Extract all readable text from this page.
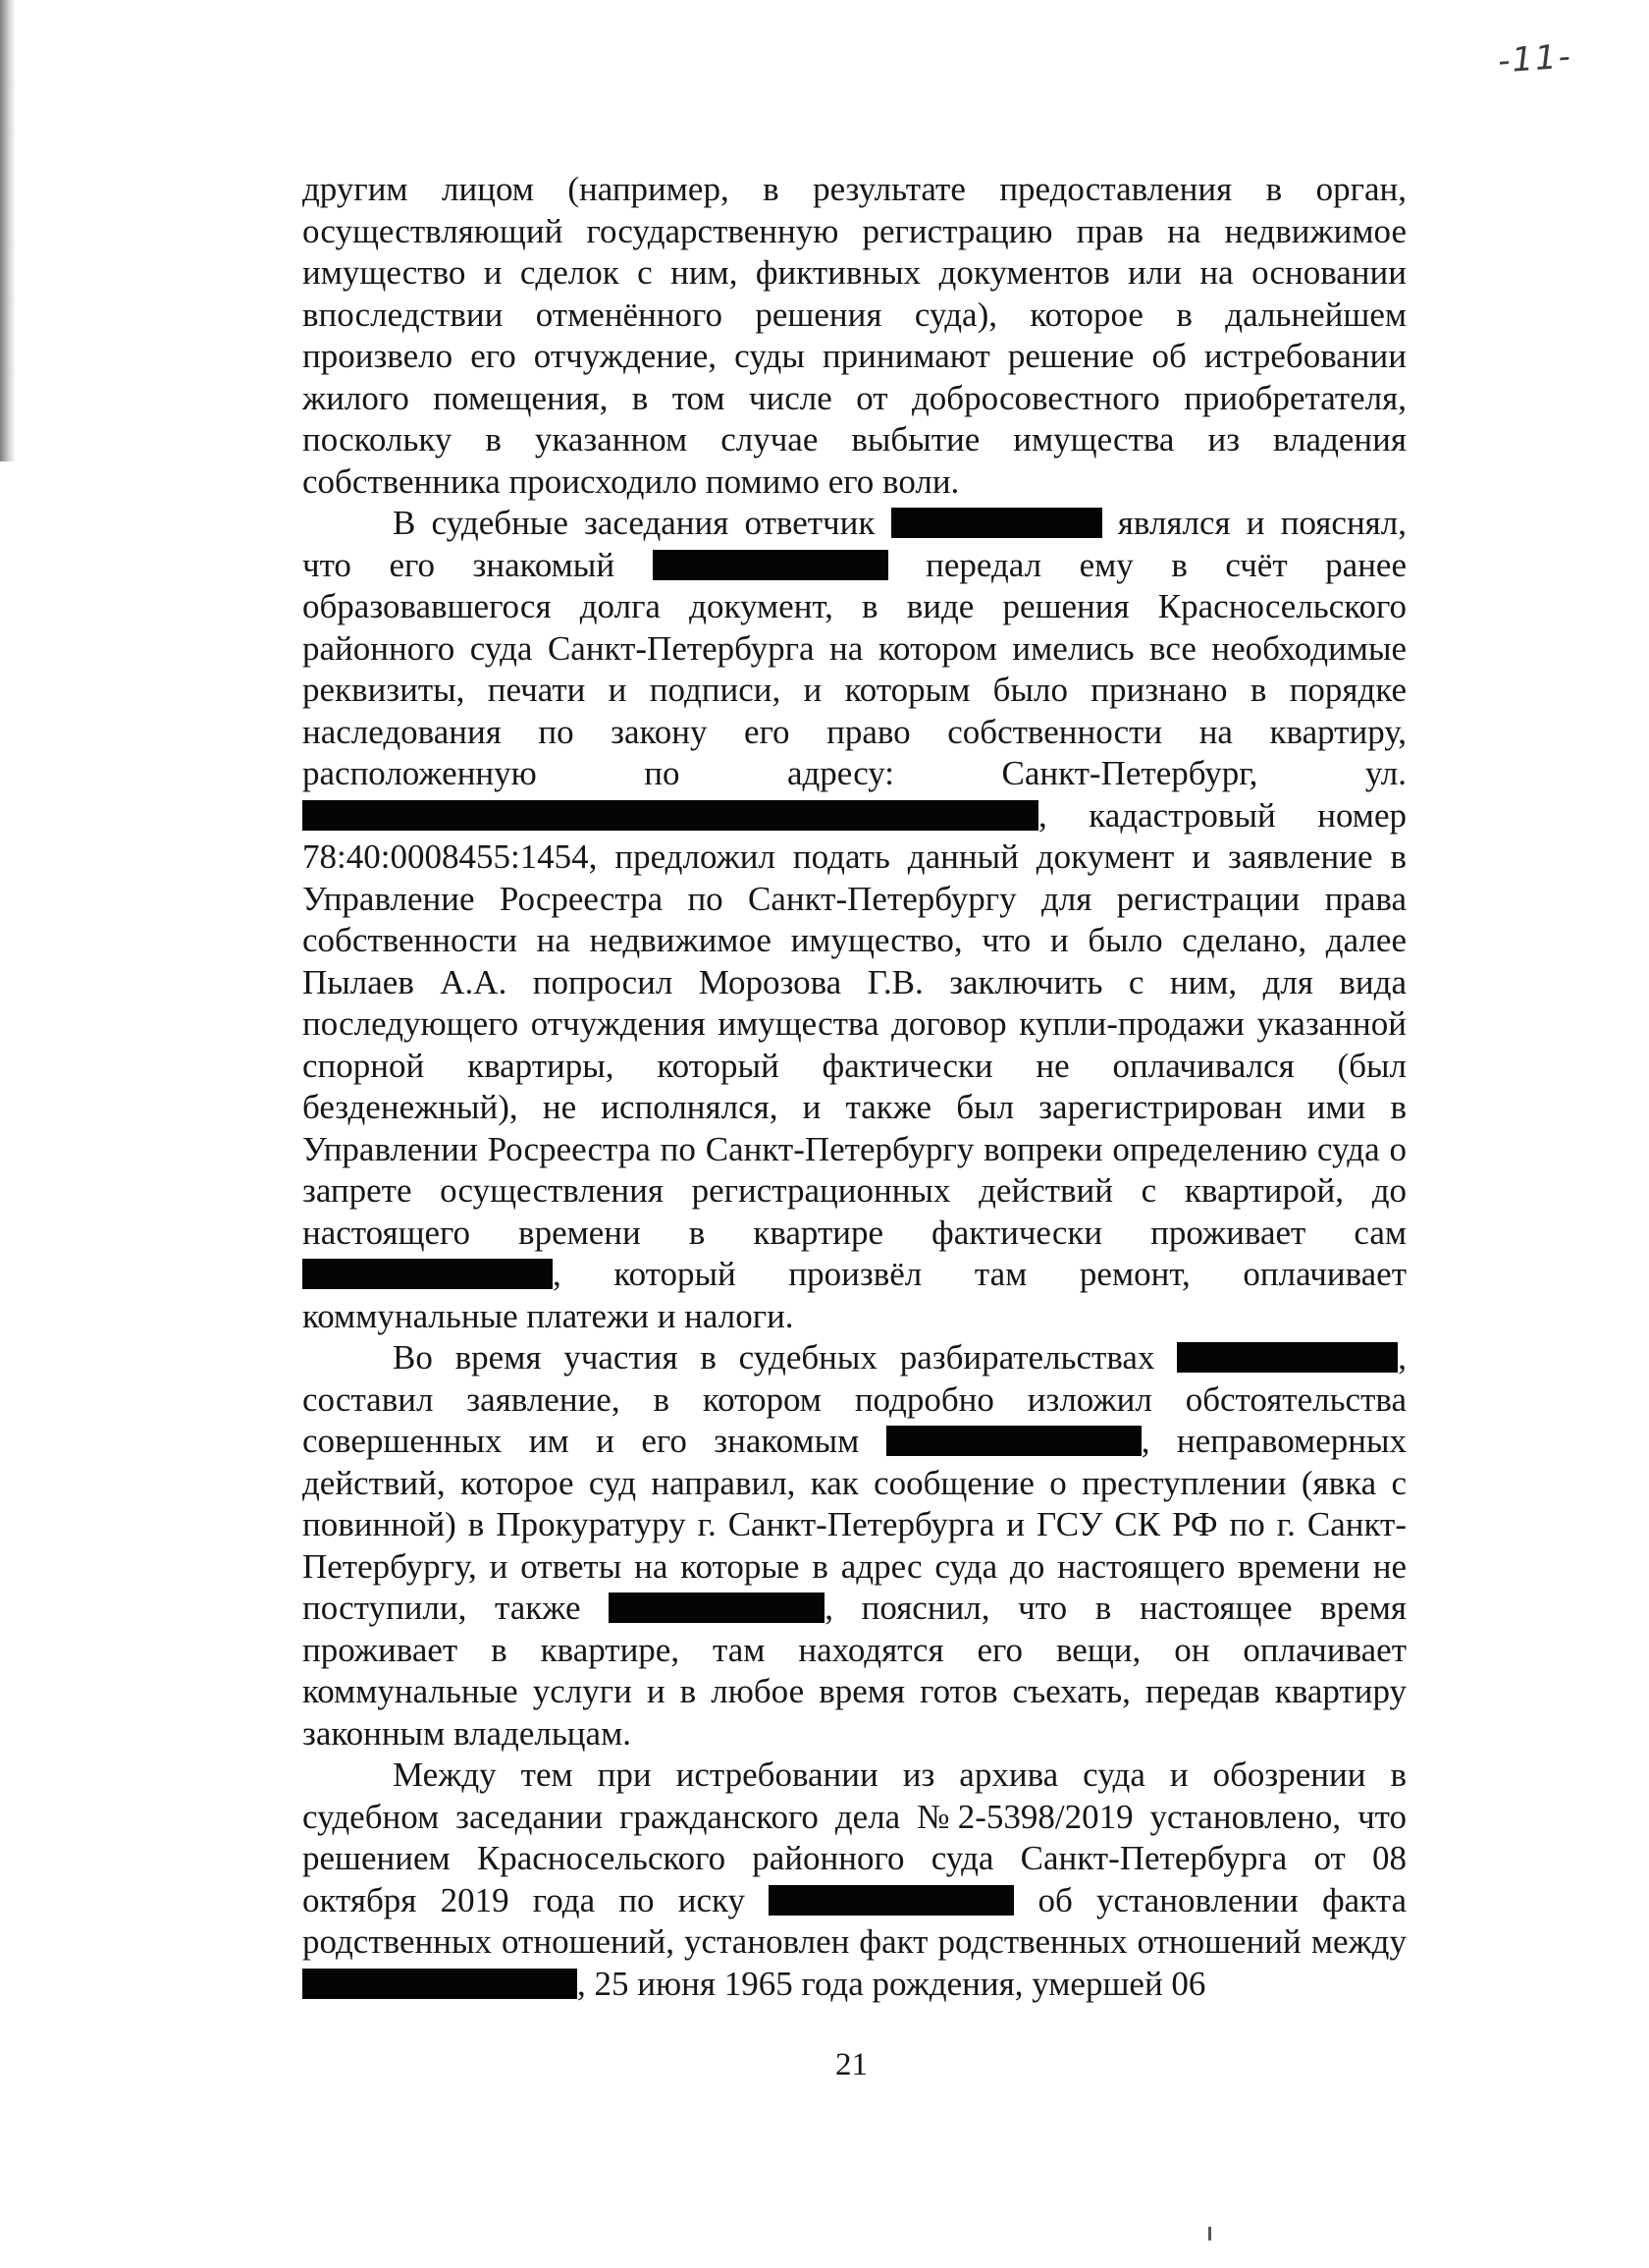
-11-

другим лицом (например, в результате предоставления в орган, осуществляющий государственную регистрацию прав на недвижимое имущество и сделок с ним, фиктивных документов или на основании впоследствии отменённого решения суда), которое в дальнейшем произвело его отчуждение, суды принимают решение об истребовании жилого помещения, в том числе от добросовестного приобретателя, поскольку в указанном случае выбытие имущества из владения собственника происходило помимо его воли.

В судебные заседания ответчик	являлся и пояснял, что его знакомый	передал ему в счёт ранее образовавшегося долга документ, в виде решения Красносельского районного суда Санкт-Петербурга на котором имелись все необходимые реквизиты, печати и подписи, и которым было признано в порядке наследования по закону его право собственности на квартиру, расположенную по адресу: Санкт-Петербург, ул. , кадастровый номер 78:40:0008455:1454, предложил подать данный документ и заявление в Управление Росреестра по Санкт-Петербургу для регистрации права собственности на недвижимое имущество, что и было сделано, далее Пылаев А.А. попросил Морозова Г.В. заключить с ним, для вида последующего отчуждения имущества договор купли-продажи указанной спорной квартиры, который фактически не оплачивался (был безденежный), не исполнялся, и также был зарегистрирован ими в Управлении Росреестра по Санкт-Петербургу вопреки определению суда о запрете осуществления регистрационных действий с квартирой, до настоящего времени в квартире фактически проживает сам , который произвёл там ремонт, оплачивает коммунальные платежи и налоги.

Во время участия в судебных разбирательствах	, составил заявление, в котором подробно изложил обстоятельства совершенных им и его знакомым	, неправомерных действий, которое суд направил, как сообщение о преступлении (явка с повинной) в Прокуратуру г. Санкт-Петербурга и ГСУ СК РФ по г. Санкт-Петербургу, и ответы на которые в адрес суда до настоящего времени не поступили, также	, пояснил, что в настоящее время проживает в квартире, там находятся его вещи, он оплачивает коммунальные услуги и в любое время готов съехать, передав квартиру законным владельцам.

Между тем при истребовании из архива суда и обозрении в судебном заседании гражданского дела №2-5398/2019 установлено, что решением Красносельского районного суда Санкт-Петербурга от 08 октября 2019 года по иску	об установлении факта родственных отношений, установлен факт родственных отношений между , 25 июня 1965 года рождения, умершей 06

21
